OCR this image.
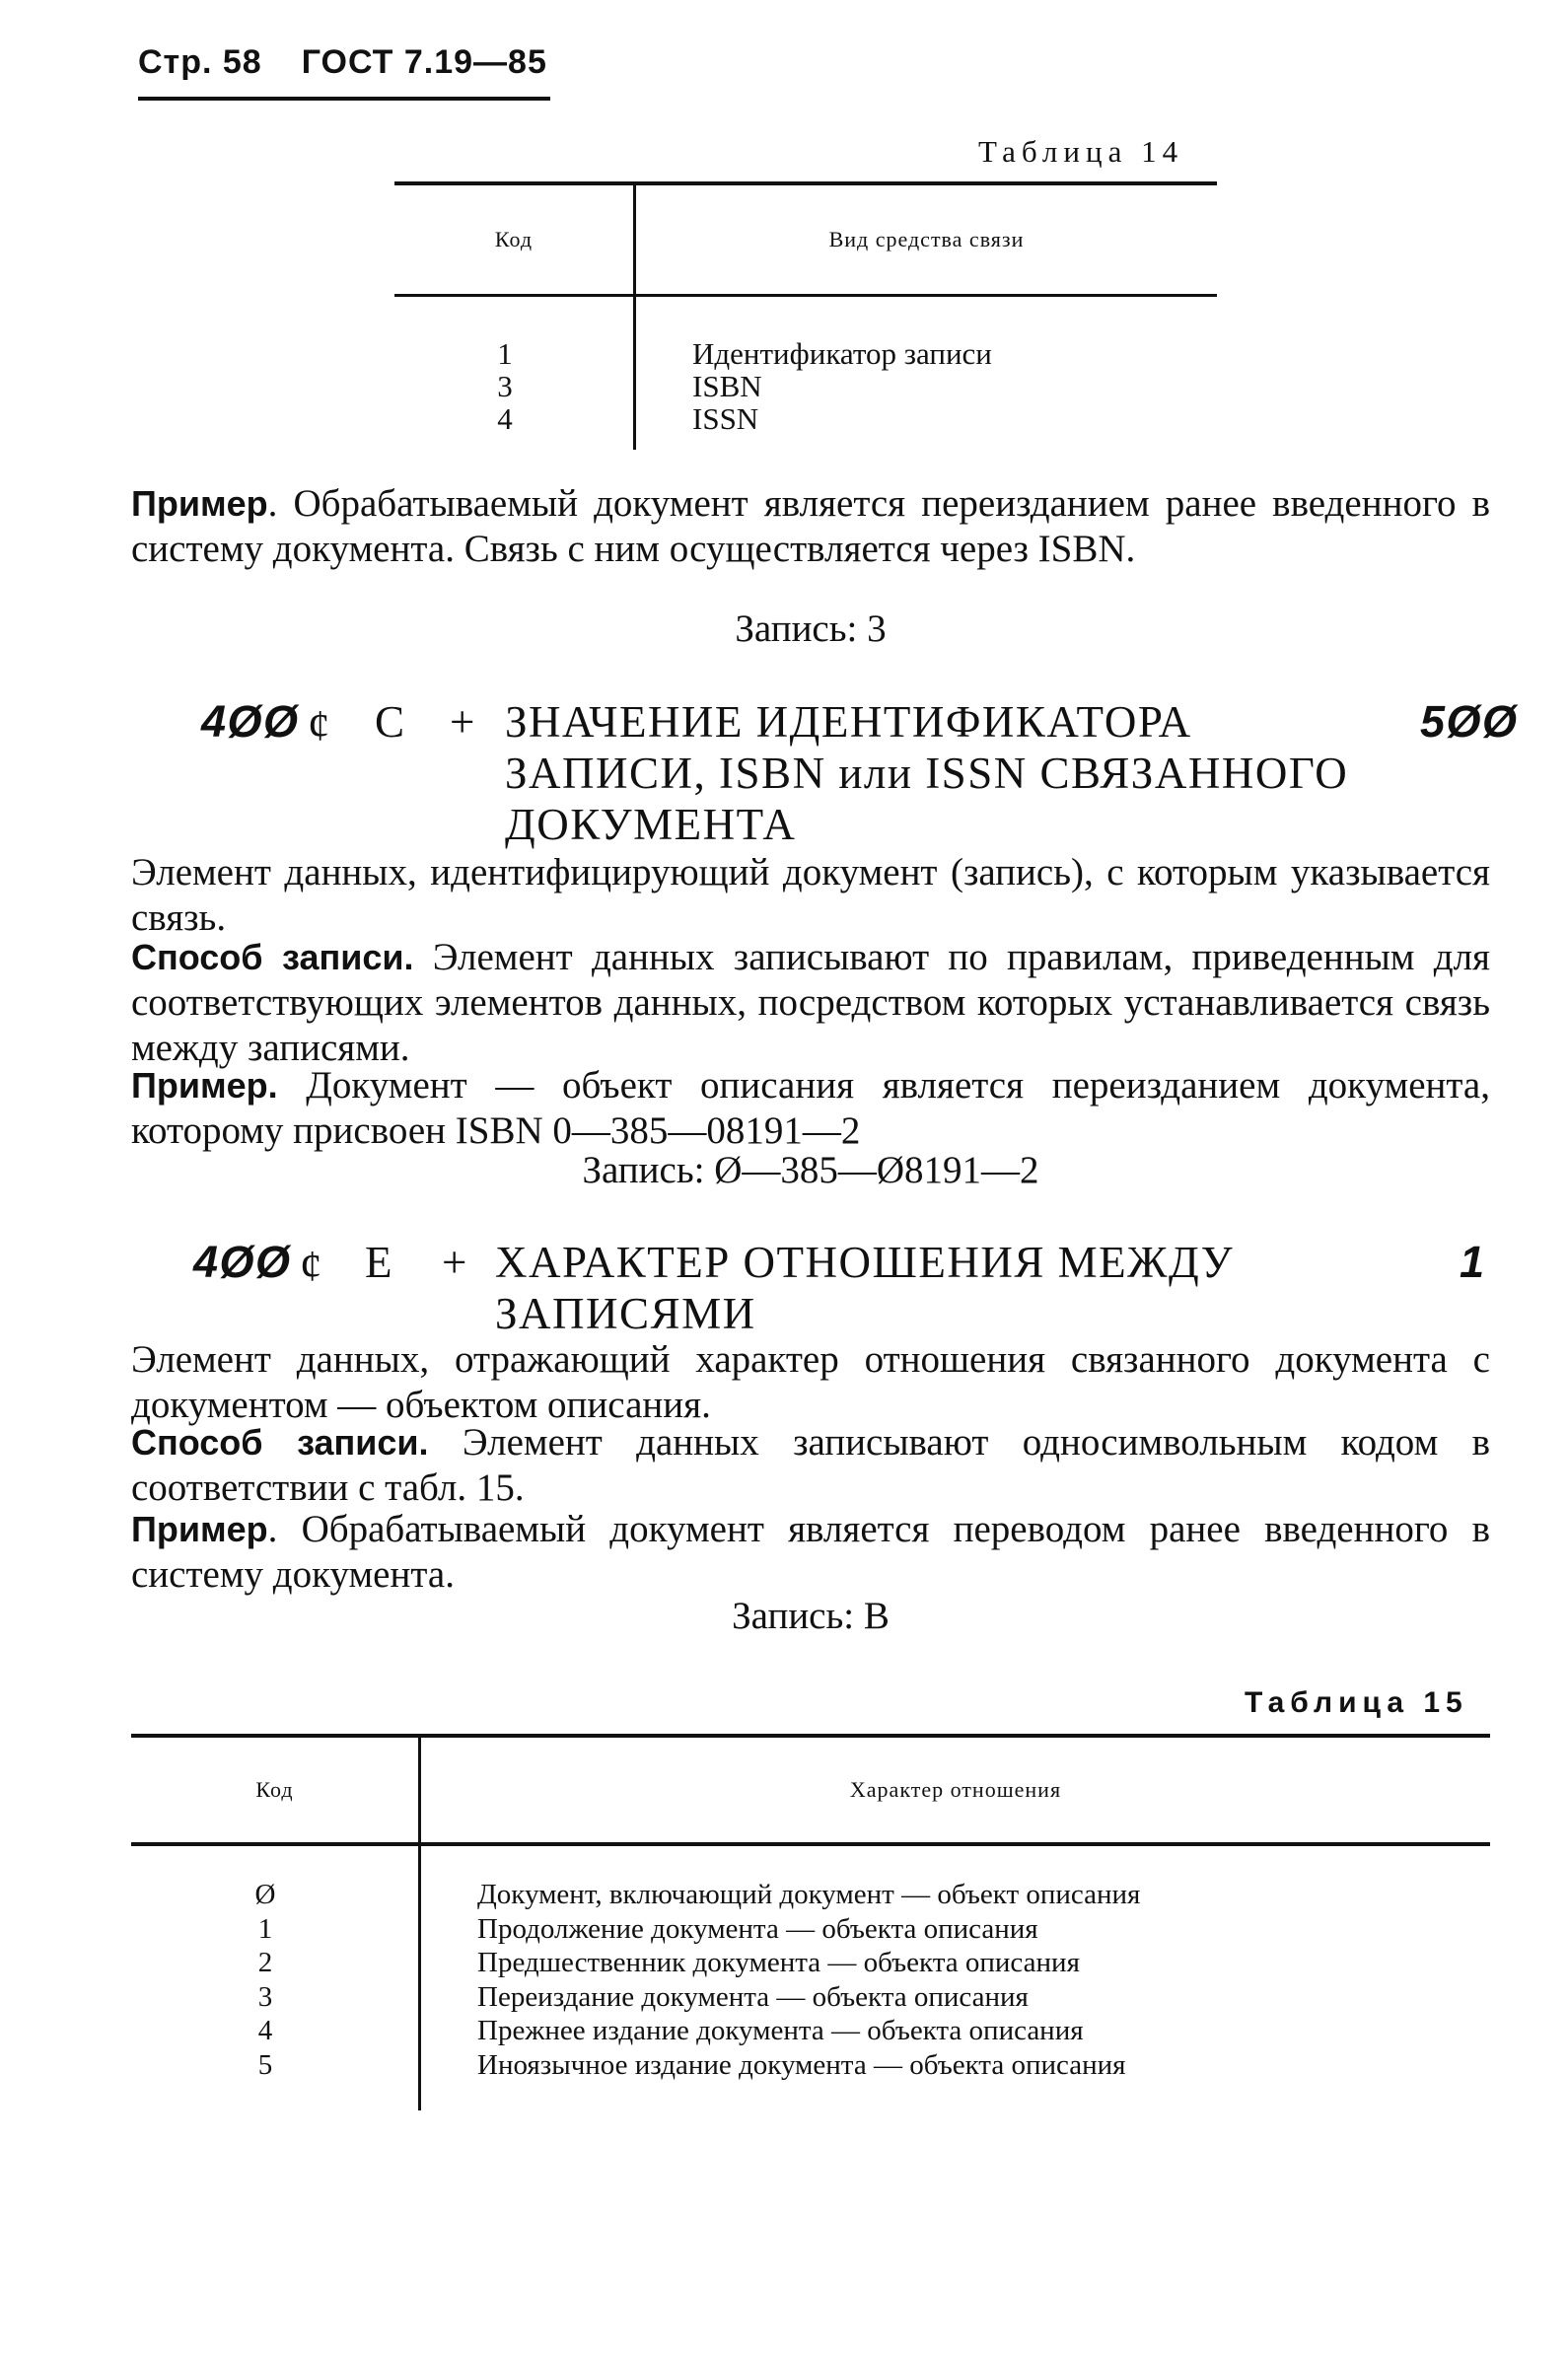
Стр. 58 ГОСТ 7.19—85
Таблица 14
Код	Вид средства связи
1
3
4
Идентификатор записи
ISBN
ISSN
Пример. Обрабатываемый документ является переизданием ранее введенного в систему документа. Связь с ним осуществляется через ISBN.
Запись: 3
4ØØ ȼ С + ЗНАЧЕНИЕ ИДЕНТИФИКАТОРА
ЗАПИСИ, ISBN или ISSN СВЯЗАННОГО
ДОКУМЕНТА
5ØØ
Элемент данных, идентифицирующий документ (запись), с которым указывается связь.
Способ записи. Элемент данных записывают по правилам, приведенным для соответствующих элементов данных, посредством которых устанавливается связь между записями.
Пример. Документ — объект описания является переизданием документа, которому присвоен ISBN 0—385—08191—2
Запись: Ø—385—Ø8191—2
4ØØ ȼ Е + ХАРАКТЕР ОТНОШЕНИЯ МЕЖДУ
ЗАПИСЯМИ
1
Элемент данных, отражающий характер отношения связанного документа с документом — объектом описания.
Способ записи. Элемент данных записывают односимвольным кодом в соответствии с табл. 15.
Пример. Обрабатываемый документ является переводом ранее введенного в систему документа.
Запись: В
Таблица 15
Код	Характер отношения
Ø
1
2
3
4
5
Документ, включающий документ — объект описания
Продолжение документа — объекта описания
Предшественник документа — объекта описания
Переиздание документа — объекта описания
Прежнее издание документа — объекта описания
Иноязычное издание документа — объекта описания
